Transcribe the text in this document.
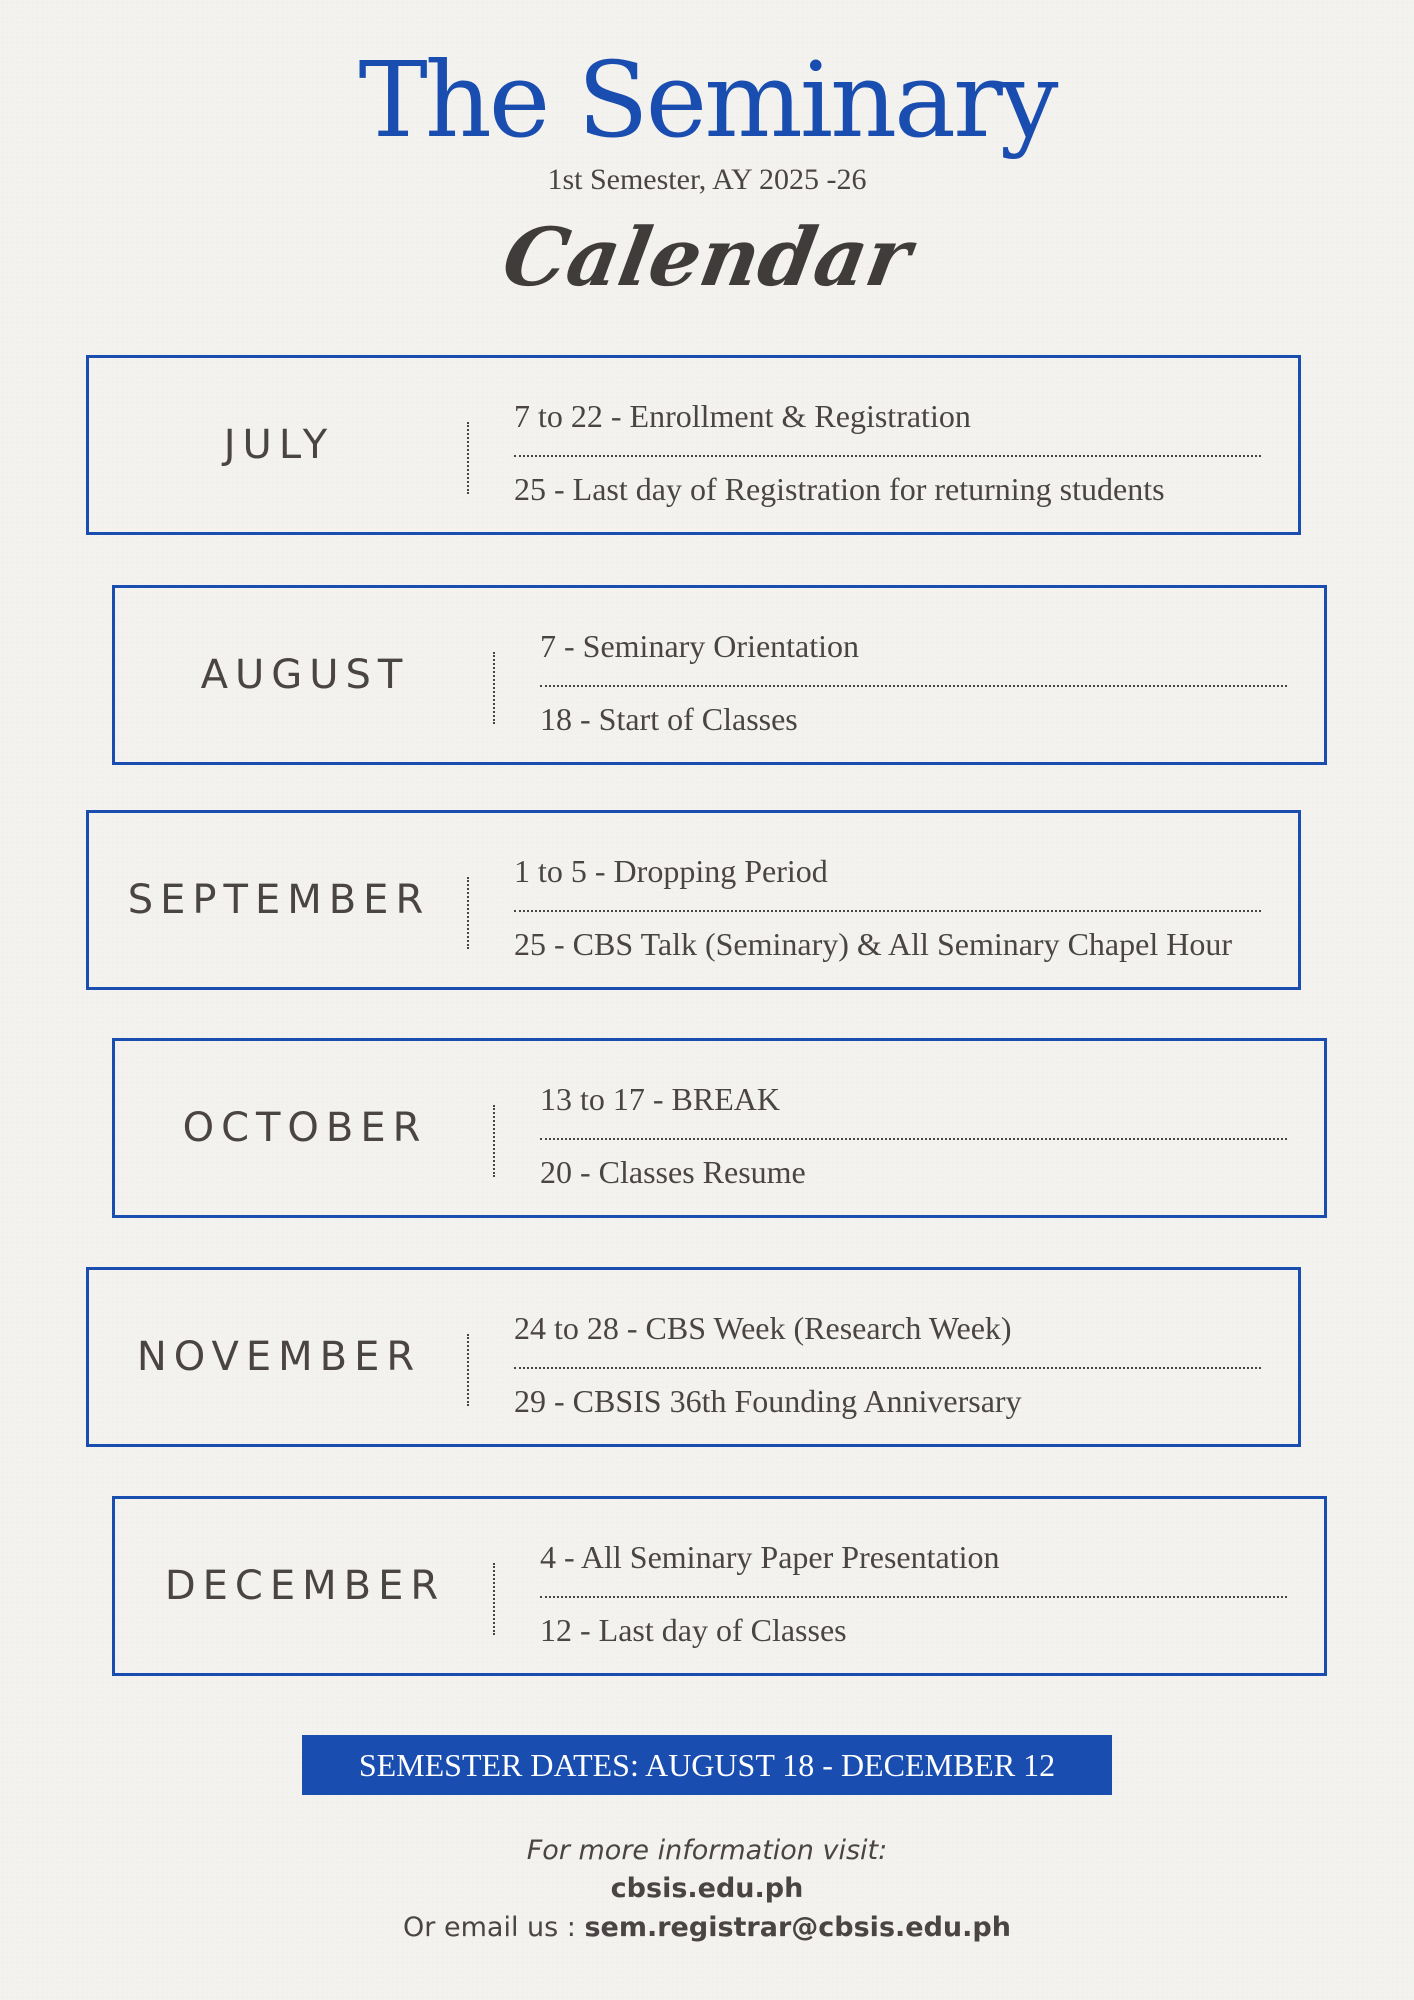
The Seminary
1st Semester, AY 2025 -26
Calendar
JULY
7 to 22 - Enrollment & Registration
25 - Last day of Registration for returning students
AUGUST
7 - Seminary Orientation
18 - Start of Classes
SEPTEMBER
1 to 5 - Dropping Period
25 - CBS Talk (Seminary) & All Seminary Chapel Hour
OCTOBER
13 to 17 - BREAK
20 - Classes Resume
NOVEMBER
24 to 28 - CBS Week (Research Week)
29 - CBSIS 36th Founding Anniversary
DECEMBER
4 - All Seminary Paper Presentation
12 - Last day of Classes
SEMESTER DATES: AUGUST 18 - DECEMBER 12
For more information visit:
cbsis.edu.ph
Or email us : sem.registrar@cbsis.edu.ph
